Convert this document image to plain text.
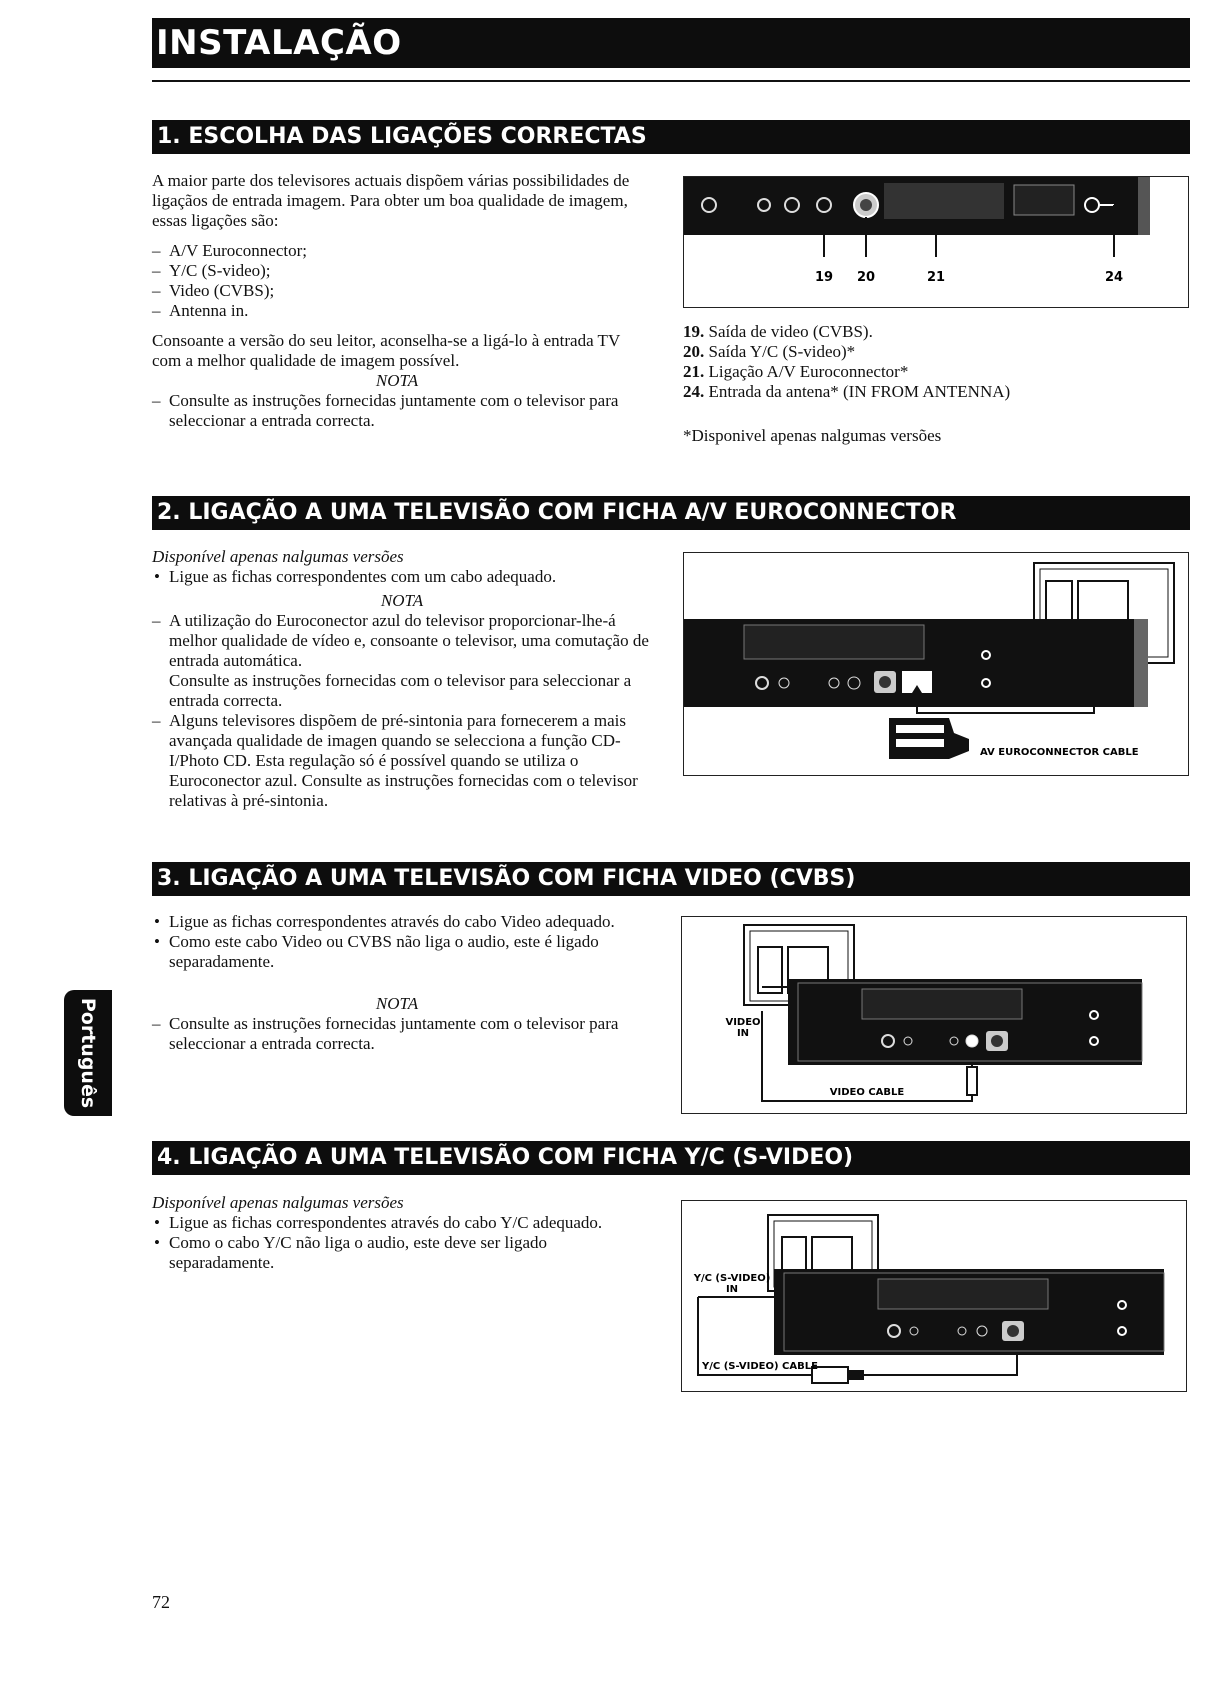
INSTALAÇÃO
1. ESCOLHA DAS LIGAÇÕES CORRECTAS

A maior parte dos televisores actuais dispõem várias possibilidades de ligaçãos de entrada imagem. Para obter um boa qualidade de imagem, essas ligações são:

– A/V Euroconnector;
– Y/C (S-video);
– Video (CVBS);
– Antenna in.

Consoante a versão do seu leitor, aconselha-se a ligá-lo à entrada TV com a melhor qualidade de imagem possível.

NOTA

– Consulte as instruções fornecidas juntamente com o televisor para seleccionar a entrada correcta.
19 20	21	24

19. Saída de video (CVBS).

20. Saída Y/C (S-video)*

21. Ligação A/V Euroconnector*

24. Entrada da antena* (IN FROM ANTENNA)

*Disponivel apenas nalgumas versões

2. LIGAÇÃO A UMA TELEVISÃO COM FICHA A/V EUROCONNECTOR

Disponível apenas nalgumas versões

• Ligue as fichas correspondentes com um cabo adequado.

NOTA

– A utilização do Euroconector azul do televisor proporcionar-lhe-á melhor qualidade de vídeo e, consoante o televisor, uma comutação de entrada automática.
Consulte as instruções fornecidas com o televisor para seleccionar a entrada correcta.
– Alguns televisores dispõem de pré-sintonia para fornecerem a mais avançada qualidade de imagen quando se selecciona a função CD-I/Photo CD. Esta regulação só é possível quando se utiliza o Euroconector azul. Consulte as instruções fornecidas com o televisor relativas à pré-sintonia.
AV EUROCONNECTOR CABLE
3. LIGAÇÃO A UMA TELEVISÃO COM FICHA VIDEO (CVBS)
• Ligue as fichas correspondentes através do cabo Video adequado.
• Como este cabo Video ou CVBS não liga o audio, este é ligado separadamente.

NOTA

– Consulte as instruções fornecidas juntamente com o televisor para seleccionar a entrada correcta.
VIDEO
IN
VIDEO CABLE
4. LIGAÇÃO A UMA TELEVISÃO COM FICHA Y/C (S-VIDEO)

Disponível apenas nalgumas versões

• Ligue as fichas correspondentes através do cabo Y/C adequado.
• Como o cabo Y/C não liga o audio, este deve ser ligado separadamente.
Y/C (S-VIDEO)
IN
Y/C (S-VIDEO) CABLE
Português
72
